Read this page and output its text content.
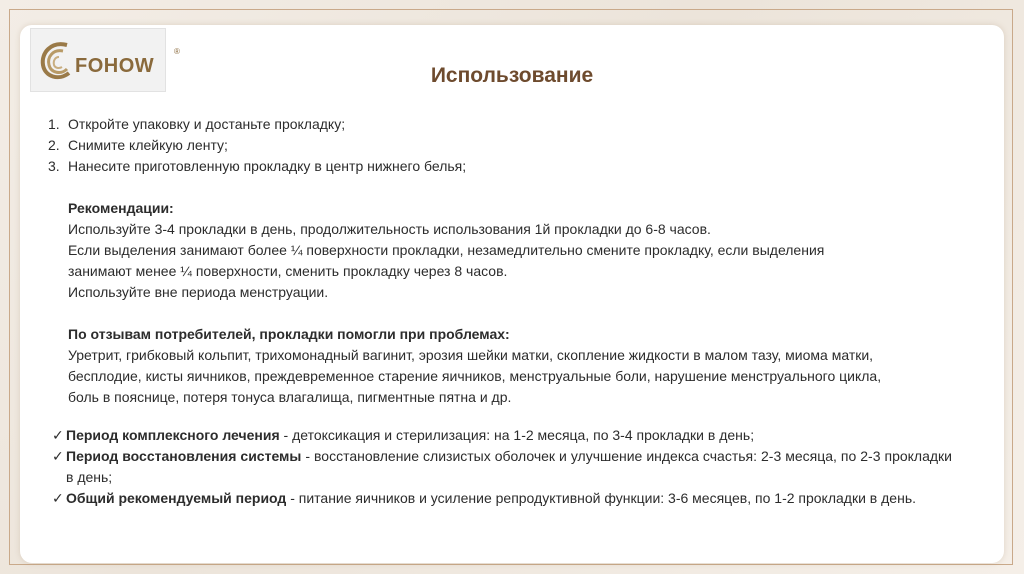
FOHOW
®
Использование
1. Откройте упаковку и достаньте прокладку;
2. Снимите клейкую ленту;
3. Нанесите приготовленную прокладку в центр нижнего белья;
Рекомендации:
Используйте 3-4 прокладки в день, продолжительность использования 1й прокладки до 6-8 часов.
Если выделения занимают более ¼ поверхности прокладки, незамедлительно смените прокладку, если выделения
занимают менее ¼ поверхности, сменить прокладку через 8 часов.
Используйте вне периода менструации.
По отзывам потребителей, прокладки помогли при проблемах:
Уретрит, грибковый кольпит, трихомонадный вагинит, эрозия шейки матки, скопление жидкости в малом тазу, миома матки,
бесплодие, кисты яичников, преждевременное старение яичников, менструальные боли, нарушение менструального цикла,
боль в пояснице, потеря тонуса влагалища, пигментные пятна и др.
✓ Период комплексного лечения - детоксикация и стерилизация: на 1-2 месяца, по 3-4 прокладки в день;
✓ Период восстановления системы - восстановление слизистых оболочек и улучшение индекса счастья: 2-3 месяца, по 2-3 прокладки в день;
✓ Общий рекомендуемый период - питание яичников и усиление репродуктивной функции: 3-6 месяцев, по 1-2 прокладки в день.
